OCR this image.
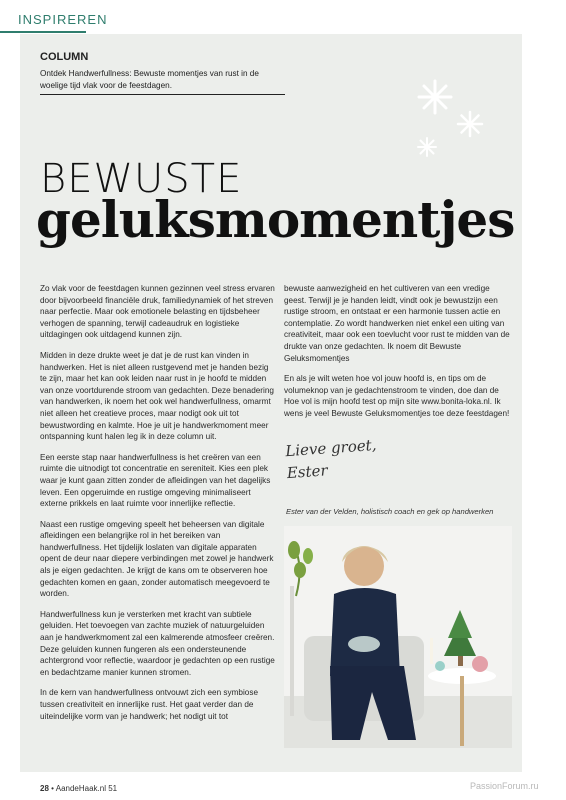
INSPIREREN
COLUMN
Ontdek Handwerfullness: Bewuste momentjes van rust in de woelige tijd vlak voor de feestdagen.
BEWUSTE
geluksmomentjes

Zo vlak voor de feestdagen kunnen gezinnen veel stress ervaren door bijvoorbeeld financiële druk, familiedynamiek of het streven naar perfectie. Maar ook emotionele belasting en tijdsbeheer verhogen de spanning, terwijl cadeaudruk en logistieke uitdagingen ook uitdagend kunnen zijn.

Midden in deze drukte weet je dat je de rust kan vinden in handwerken. Het is niet alleen rustgevend met je handen bezig te zijn, maar het kan ook leiden naar rust in je hoofd te midden van onze voortdurende stroom van gedachten. Deze benadering van handwerken, ik noem het ook wel handwerfullness, omarmt niet alleen het creatieve proces, maar nodigt ook uit tot bewustwording en kalmte. Hoe je uit je handwerkmoment meer ontspanning kunt halen leg ik in deze column uit.

Een eerste stap naar handwerfullness is het creëren van een ruimte die uitnodigt tot concentratie en sereniteit. Kies een plek waar je kunt gaan zitten zonder de afleidingen van het dagelijks leven. Een opgeruimde en rustige omgeving minimaliseert externe prikkels en laat ruimte voor innerlijke reflectie.

Naast een rustige omgeving speelt het beheersen van digitale afleidingen een belangrijke rol in het bereiken van handwerfullness. Het tijdelijk loslaten van digitale apparaten opent de deur naar diepere verbindingen met zowel je handwerk als je eigen gedachten. Je krijgt de kans om te observeren hoe gedachten komen en gaan, zonder automatisch meegevoerd te worden.

Handwerfullness kun je versterken met kracht van subtiele geluiden. Het toevoegen van zachte muziek of natuurgeluiden aan je handwerkmoment zal een kalmerende atmosfeer creëren. Deze geluiden kunnen fungeren als een ondersteunende achtergrond voor reflectie, waardoor je gedachten op een rustige en bedachtzame manier kunnen stromen.

In de kern van handwerfullness ontvouwt zich een symbiose tussen creativiteit en innerlijke rust. Het gaat verder dan de uiteindelijke vorm van je handwerk; het nodigt uit tot

bewuste aanwezigheid en het cultiveren van een vredige geest. Terwijl je je handen leidt, vindt ook je bewustzijn een rustige stroom, en ontstaat er een harmonie tussen actie en contemplatie. Zo wordt handwerken niet enkel een uiting van creativiteit, maar ook een toevlucht voor rust te midden van de drukte van onze gedachten. Ik noem dit Bewuste Geluksmomentjes

En als je wilt weten hoe vol jouw hoofd is, en tips om de volumeknop van je gedachtenstroom te vinden, doe dan de Hoe vol is mijn hoofd test op mijn site www.bonita-loka.nl. Ik wens je veel Bewuste Geluksmomentjes toe deze feestdagen!

Lieve groet,
Ester
Ester van der Velden, holistisch coach en gek op handwerken
28 • AandeHaak.nl 51	PassionForum.ru
